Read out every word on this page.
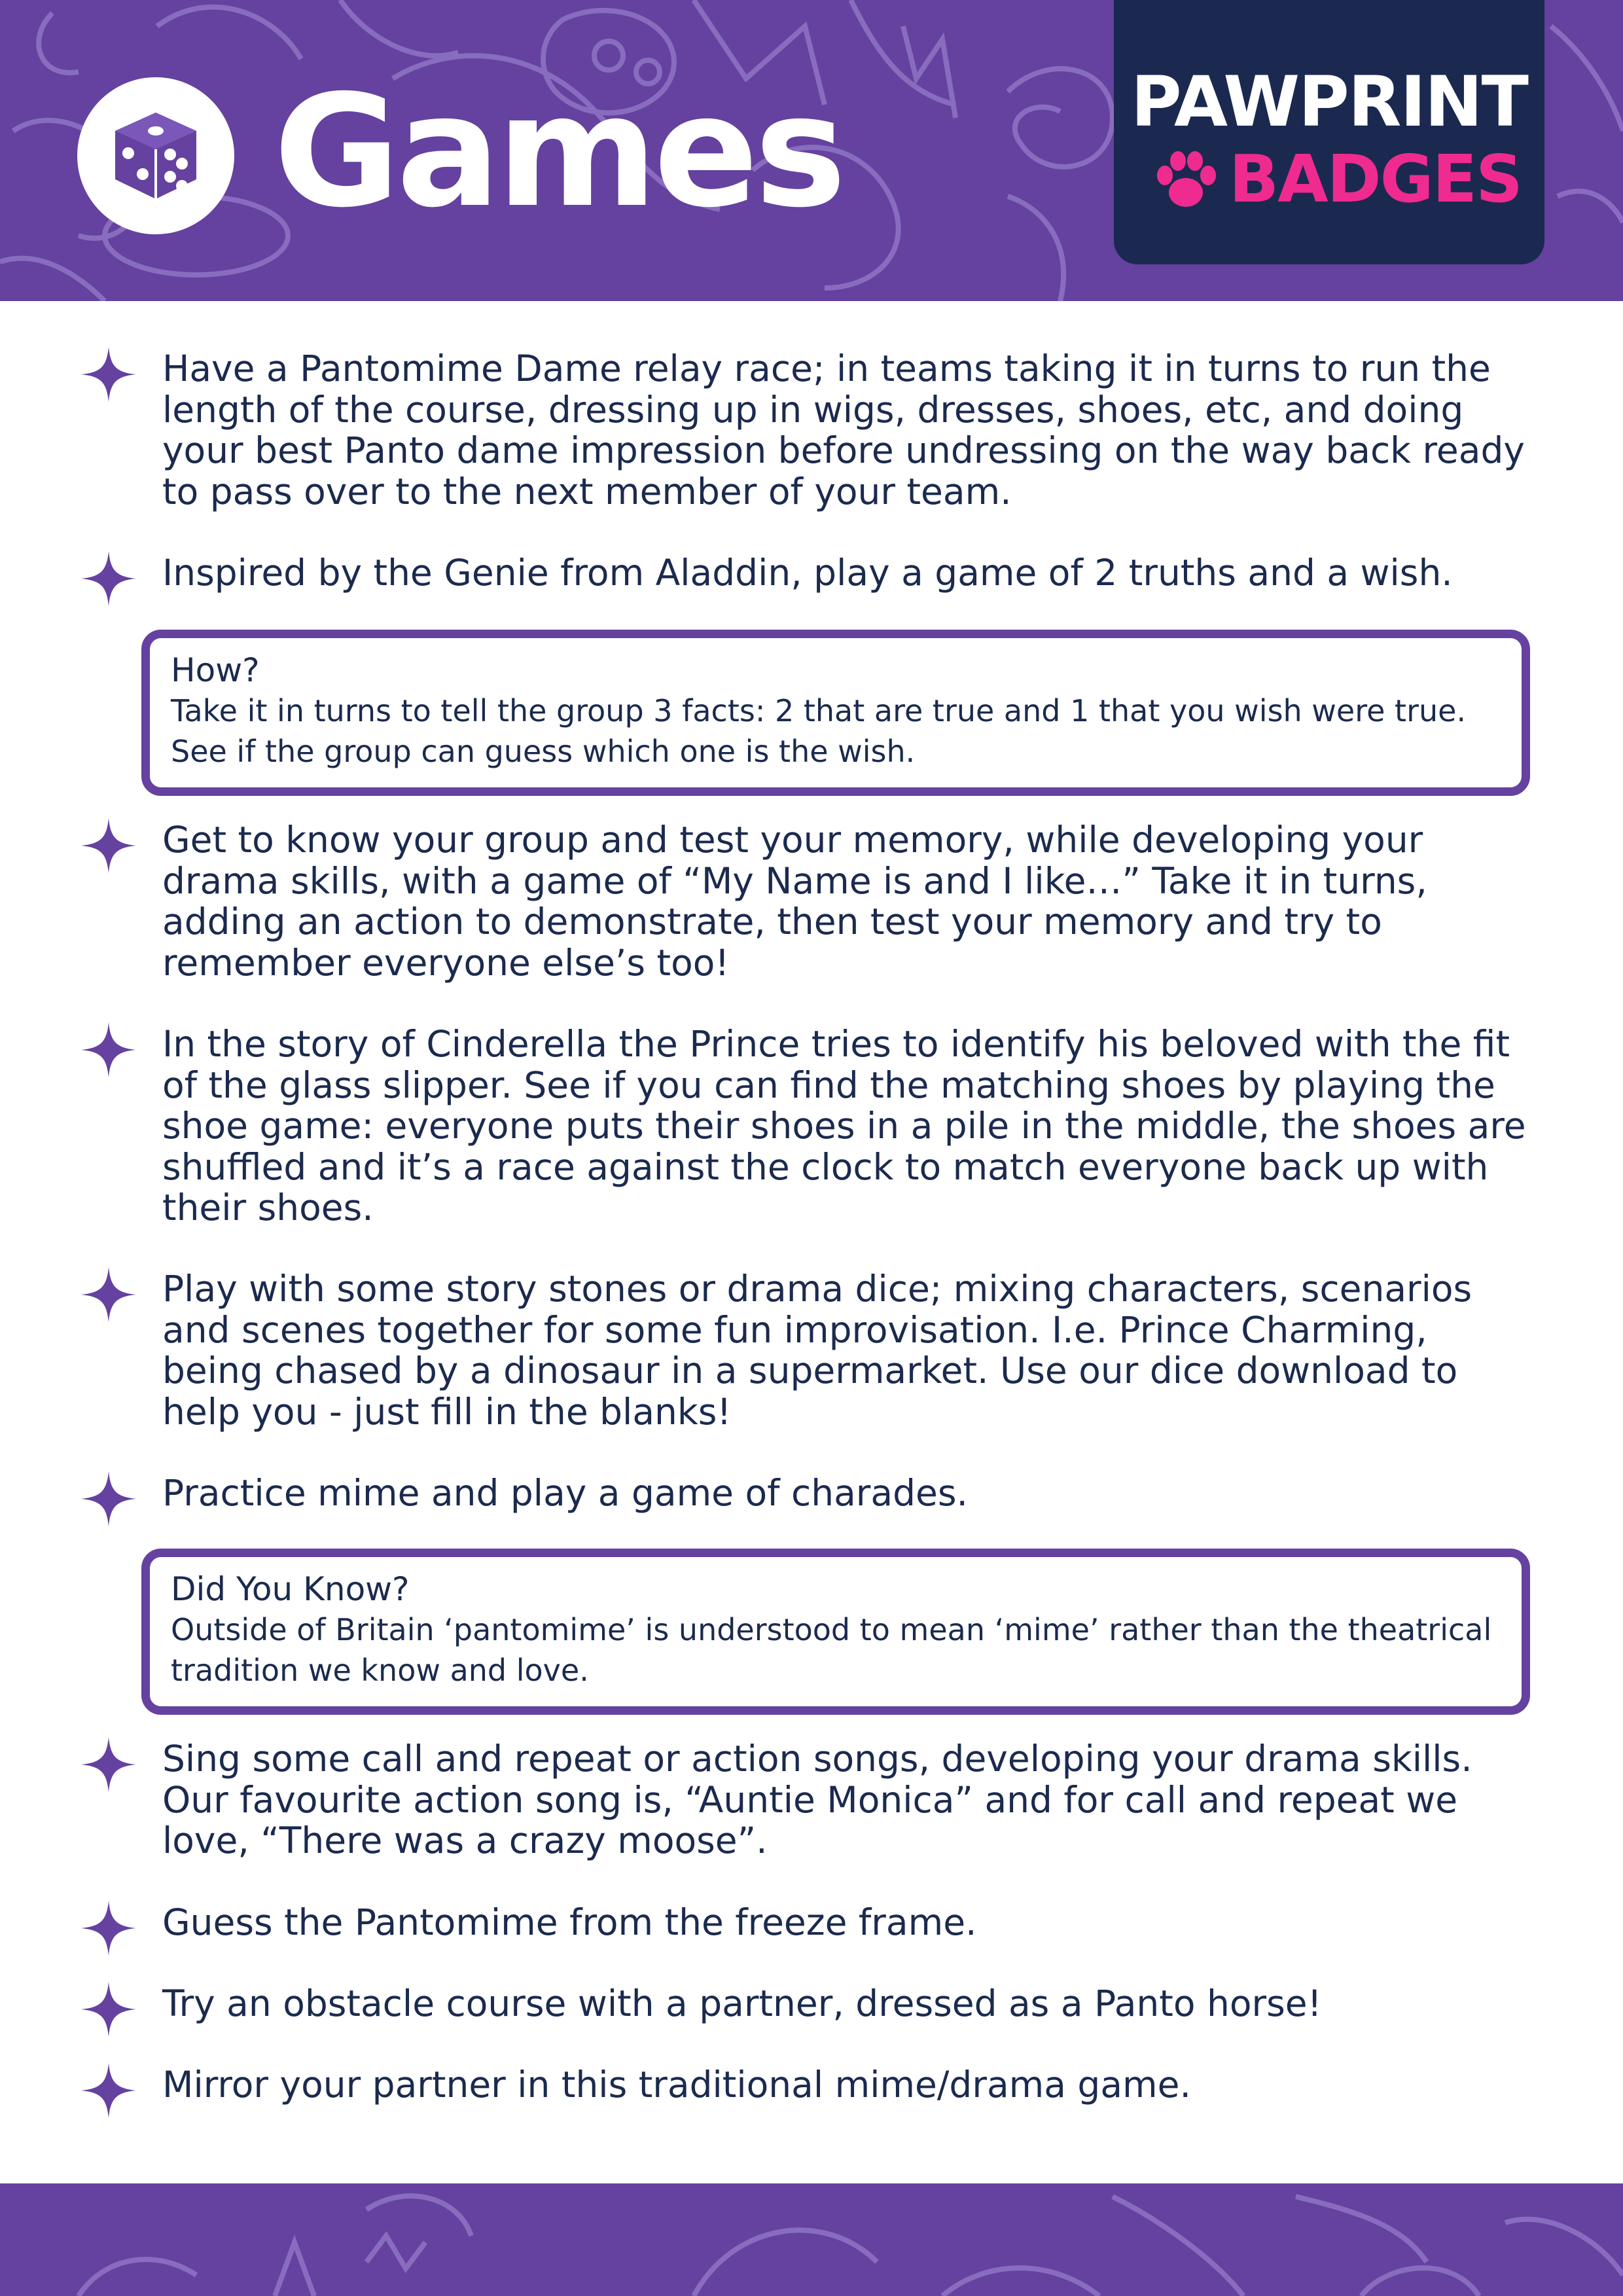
Games	PAWPRINT
BADGES
Have a Pantomime Dame relay race; in teams taking it in turns to run the length of the course, dressing up in wigs, dresses, shoes, etc, and doing your best Panto dame impression before undressing on the way back ready to pass over to the next member of your team.
Inspired by the Genie from Aladdin, play a game of 2 truths and a wish.
How?
Take it in turns to tell the group 3 facts: 2 that are true and 1 that you wish were true. See if the group can guess which one is the wish.
Get to know your group and test your memory, while developing your drama skills, with a game of “My Name is and I like…” Take it in turns, adding an action to demonstrate, then test your memory and try to remember everyone else’s too!
In the story of Cinderella the Prince tries to identify his beloved with the fit of the glass slipper. See if you can find the matching shoes by playing the shoe game: everyone puts their shoes in a pile in the middle, the shoes are shuffled and it’s a race against the clock to match everyone back up with their shoes.
Play with some story stones or drama dice; mixing characters, scenarios and scenes together for some fun improvisation. I.e. Prince Charming, being chased by a dinosaur in a supermarket. Use our dice download to help you - just fill in the blanks!
Practice mime and play a game of charades.
Did You Know?
Outside of Britain ‘pantomime’ is understood to mean ‘mime’ rather than the theatrical tradition we know and love.
Sing some call and repeat or action songs, developing your drama skills. Our favourite action song is, “Auntie Monica” and for call and repeat we love, “There was a crazy moose”.
Guess the Pantomime from the freeze frame.
Try an obstacle course with a partner, dressed as a Panto horse!
Mirror your partner in this traditional mime/drama game.
